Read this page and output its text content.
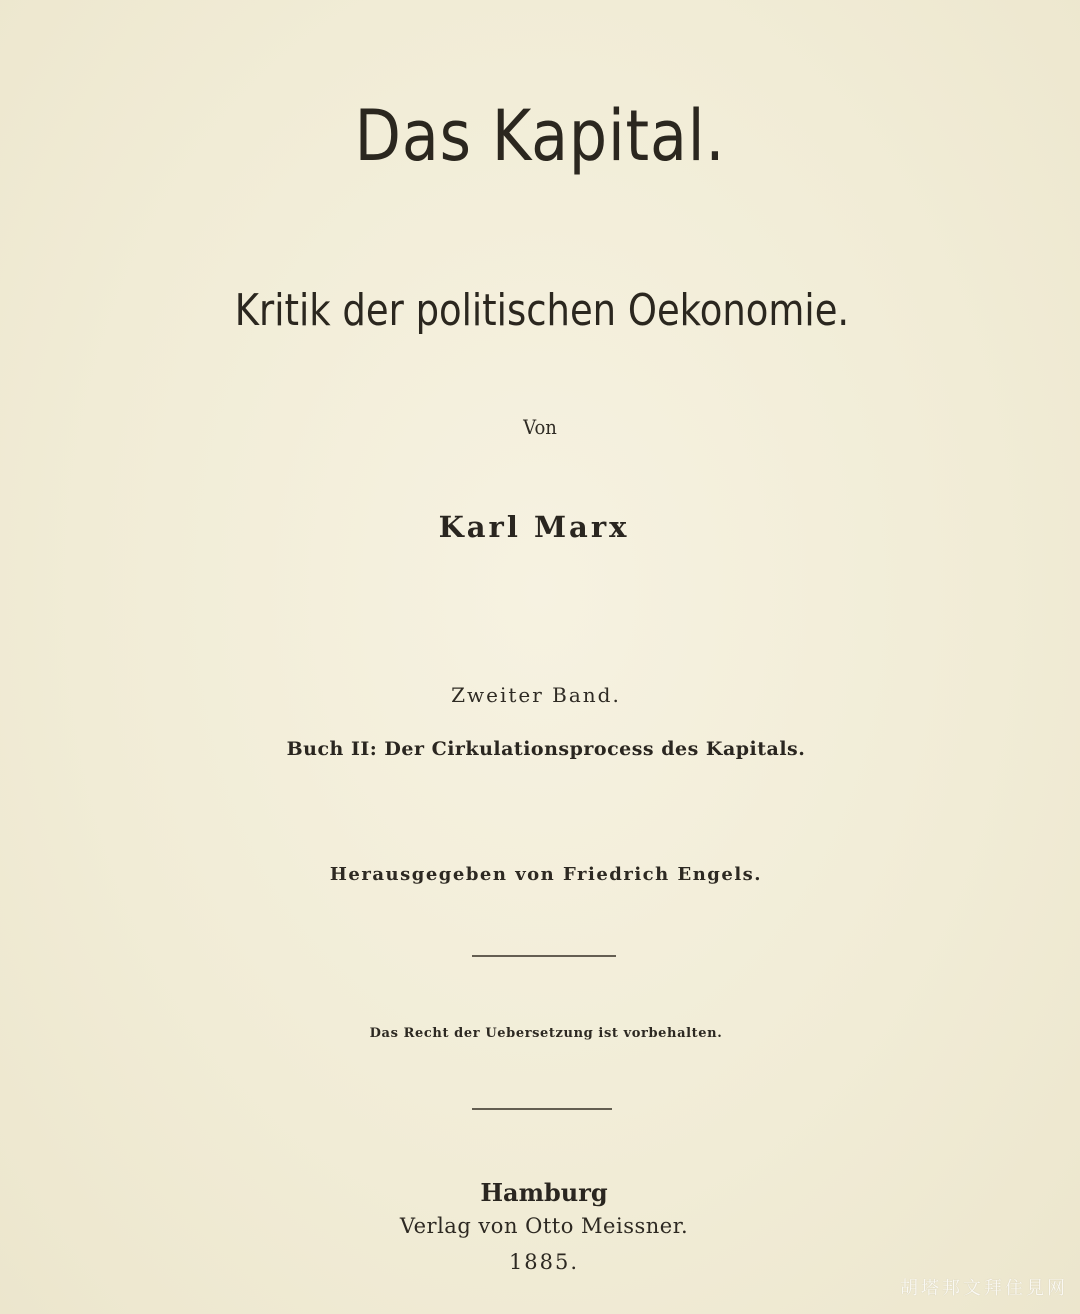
Das Kapital.
Kritik der politischen Oekonomie.
Von
Karl Marx
Zweiter Band.
Buch II: Der Cirkulationsprocess des Kapitals.
Herausgegeben von Friedrich Engels.
Das Recht der Uebersetzung ist vorbehalten.
Hamburg
Verlag von Otto Meissner.
1885.
胡塔邦文拜住見网
